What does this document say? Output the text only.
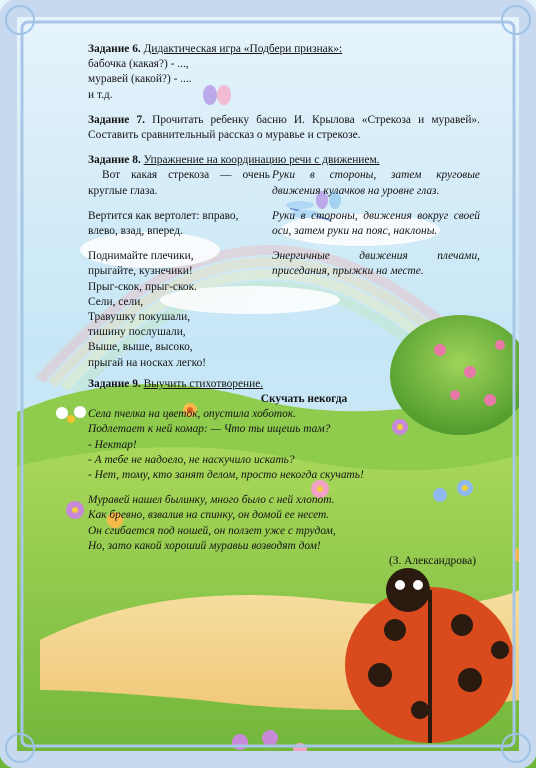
Задание 6. Дидактическая игра «Подбери признак»:
бабочка (какая?) - ...,
муравей (какой?) - ....
и т.д.
Задание 7. Прочитать ребенку басню И. Крылова «Стрекоза и муравей». Составить сравнительный рассказ о муравье и стрекозе.
Задание 8. Упражнение на координацию речи с движением.
Вот какая стрекоза — очень круглые глаза.
Руки в стороны, затем круговые движения кулачков на уровне глаз.
Вертится как вертолет: вправо, влево, взад, вперед.
Руки в стороны, движения вокруг своей оси, затем руки на пояс, наклоны.
Поднимайте плечики,
прыгайте, кузнечики!
Прыг-скок, прыг-скок.
Сели, сели,
Травушку покушали,
тишину послушали,
Выше, выше, высоко,
прыгай на носках легко!
Энергичные движения плечами, приседания, прыжки на месте.
Задание 9. Выучить стихотворение.
Скучать некогда
Села пчелка на цветок, опустила хоботок.
Подлетает к ней комар: — Что ты ищешь там?
- Нектар!
- А тебе не надоело, не наскучило искать?
- Нет, тому, кто занят делом, просто некогда скучать!
Муравей нашел былинку, много было с ней хлопот.
Как бревно, взвалив на спинку, он домой ее несет.
Он сгибается под ношей, он ползет уже с трудом,
Но, зато какой хороший муравьи возводят дом!
(З. Александрова)
